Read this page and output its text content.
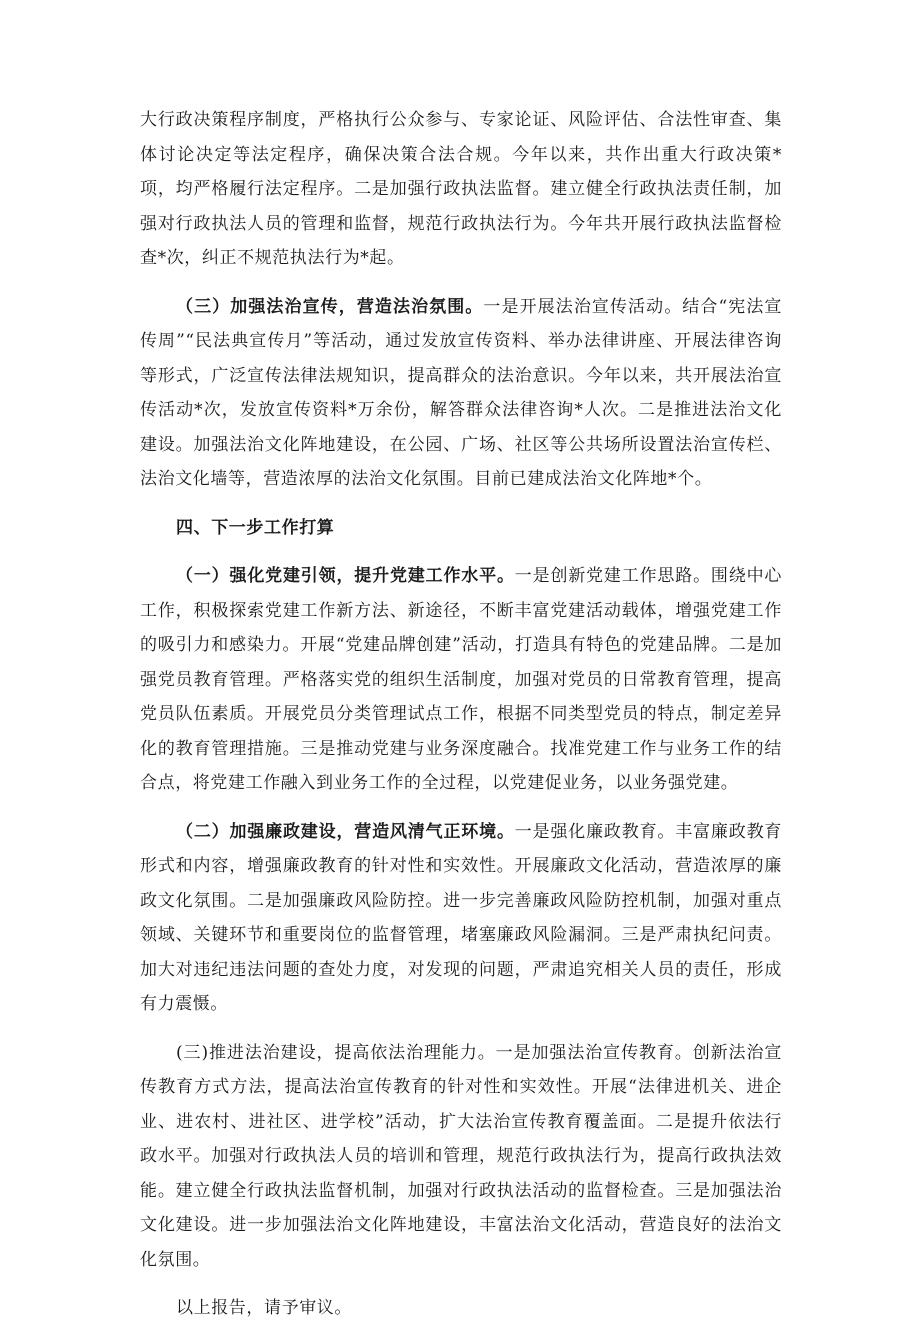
大行政决策程序制度，严格执行公众参与、专家论证、风险评估、合法性审查、集体讨论决定等法定程序，确保决策合法合规。今年以来，共作出重大行政决策*项，均严格履行法定程序。二是加强行政执法监督。建立健全行政执法责任制，加强对行政执法人员的管理和监督，规范行政执法行为。今年共开展行政执法监督检查*次，纠正不规范执法行为*起。

（三）加强法治宣传，营造法治氛围。一是开展法治宣传活动。结合“宪法宣传周”“民法典宣传月”等活动，通过发放宣传资料、举办法律讲座、开展法律咨询等形式，广泛宣传法律法规知识，提高群众的法治意识。今年以来，共开展法治宣传活动*次，发放宣传资料*万余份，解答群众法律咨询*人次。二是推进法治文化建设。加强法治文化阵地建设，在公园、广场、社区等公共场所设置法治宣传栏、法治文化墙等，营造浓厚的法治文化氛围。目前已建成法治文化阵地*个。

四、下一步工作打算

（一）强化党建引领，提升党建工作水平。一是创新党建工作思路。围绕中心工作，积极探索党建工作新方法、新途径，不断丰富党建活动载体，增强党建工作的吸引力和感染力。开展“党建品牌创建”活动，打造具有特色的党建品牌。二是加强党员教育管理。严格落实党的组织生活制度，加强对党员的日常教育管理，提高党员队伍素质。开展党员分类管理试点工作，根据不同类型党员的特点，制定差异化的教育管理措施。三是推动党建与业务深度融合。找准党建工作与业务工作的结合点，将党建工作融入到业务工作的全过程，以党建促业务，以业务强党建。

（二）加强廉政建设，营造风清气正环境。一是强化廉政教育。丰富廉政教育形式和内容，增强廉政教育的针对性和实效性。开展廉政文化活动，营造浓厚的廉政文化氛围。二是加强廉政风险防控。进一步完善廉政风险防控机制，加强对重点领域、关键环节和重要岗位的监督管理，堵塞廉政风险漏洞。三是严肃执纪问责。加大对违纪违法问题的查处力度，对发现的问题，严肃追究相关人员的责任，形成有力震慑。

(三)推进法治建设，提高依法治理能力。一是加强法治宣传教育。创新法治宣传教育方式方法，提高法治宣传教育的针对性和实效性。开展“法律进机关、进企业、进农村、进社区、进学校”活动，扩大法治宣传教育覆盖面。二是提升依法行政水平。加强对行政执法人员的培训和管理，规范行政执法行为，提高行政执法效能。建立健全行政执法监督机制，加强对行政执法活动的监督检查。三是加强法治文化建设。进一步加强法治文化阵地建设，丰富法治文化活动，营造良好的法治文化氛围。

以上报告，请予审议。
